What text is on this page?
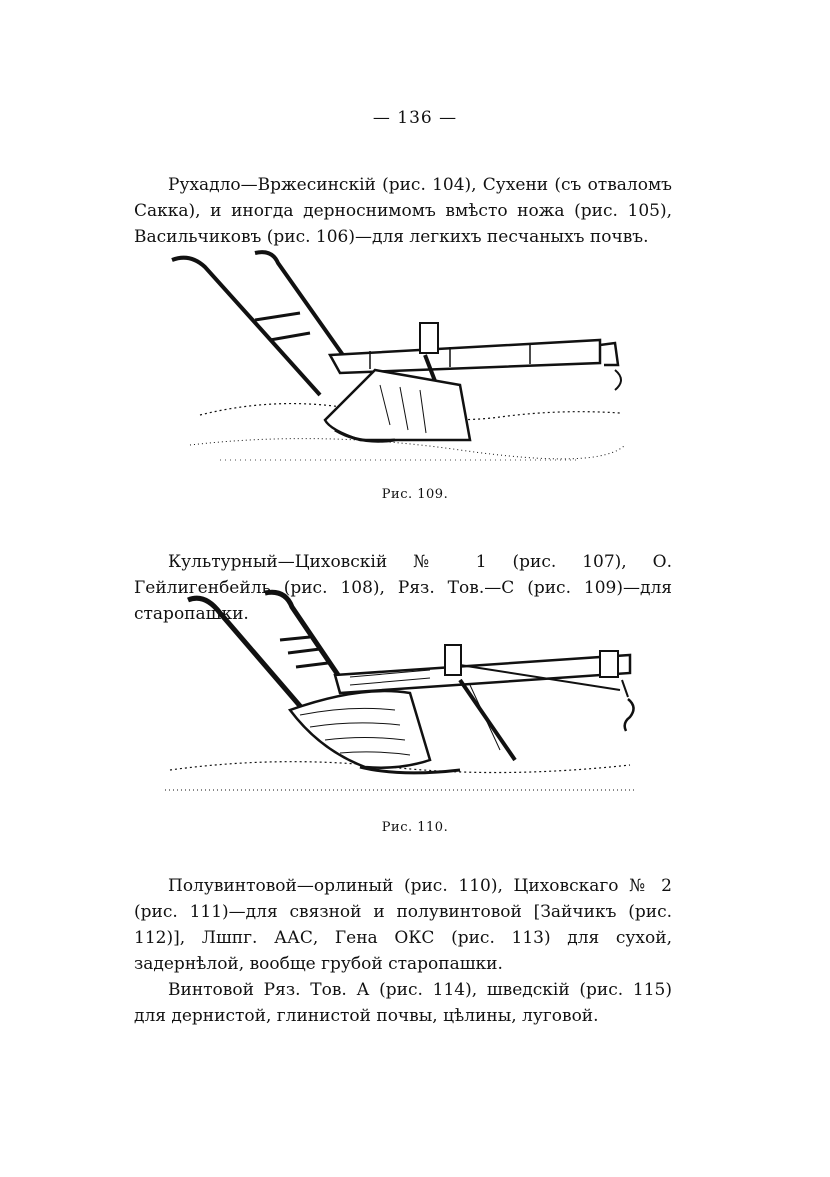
— 136 —

Рухадло—Вржесинскій (рис. 104), Сухени (съ отваломъ Сакка), и иногда дерноснимомъ вмѣсто ножа (рис. 105), Васильчиковъ (рис. 106)—для легкихъ песчаныхъ почвъ.

Рис. 109.

Культурный—Циховскій № 1 (рис. 107), О. Гейлигенбейль (рис. 108), Ряз. Тов.—С (рис. 109)—для старопашки.

Рис. 110.

Полувинтовой—орлиный (рис. 110), Циховскаго № 2 (рис. 111)—для связной и полувинтовой [Зайчикъ (рис. 112)], Лшпг. ААС, Гена ОКС (рис. 113) для сухой, задернѣлой, вообще грубой старопашки.

Винтовой Ряз. Тов. А (рис. 114), шведскій (рис. 115) для дернистой, глинистой почвы, цѣлины, луговой.
